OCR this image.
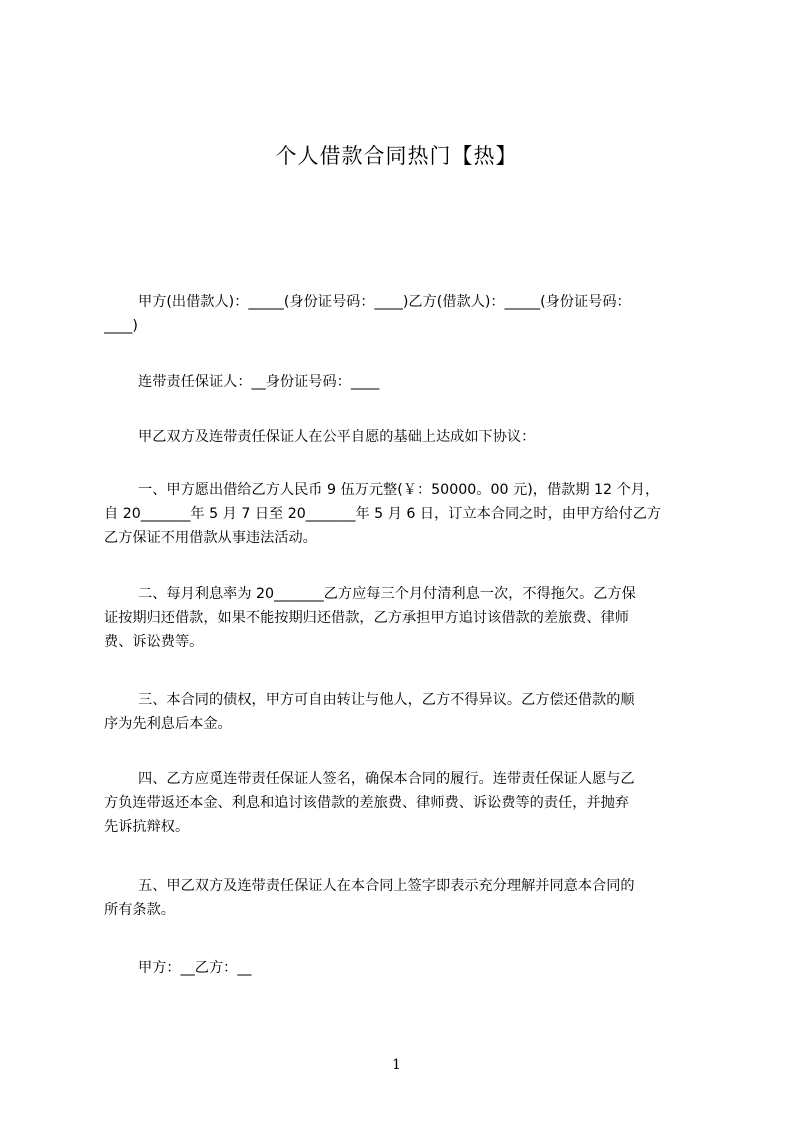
个人借款合同热门【热】
甲方(出借款人)：_____(身份证号码：____)乙方(借款人)：_____(身份证号码：
____)
连带责任保证人：__身份证号码：____
甲乙双方及连带责任保证人在公平自愿的基础上达成如下协议：
一、甲方愿出借给乙方人民币 9 伍万元整(￥：50000。00 元)，借款期 12 个月，
自 20_______年 5 月 7 日至 20_______年 5 月 6 日，订立本合同之时，由甲方给付乙方
乙方保证不用借款从事违法活动。
二、每月利息率为 20_______乙方应每三个月付清利息一次，不得拖欠。乙方保
证按期归还借款，如果不能按期归还借款，乙方承担甲方追讨该借款的差旅费、律师
费、诉讼费等。
三、本合同的债权，甲方可自由转让与他人，乙方不得异议。乙方偿还借款的顺
序为先利息后本金。
四、乙方应觅连带责任保证人签名，确保本合同的履行。连带责任保证人愿与乙
方负连带返还本金、利息和追讨该借款的差旅费、律师费、诉讼费等的责任，并抛弃
先诉抗辩权。
五、甲乙双方及连带责任保证人在本合同上签字即表示充分理解并同意本合同的
所有条款。
甲方：__乙方：__
1
